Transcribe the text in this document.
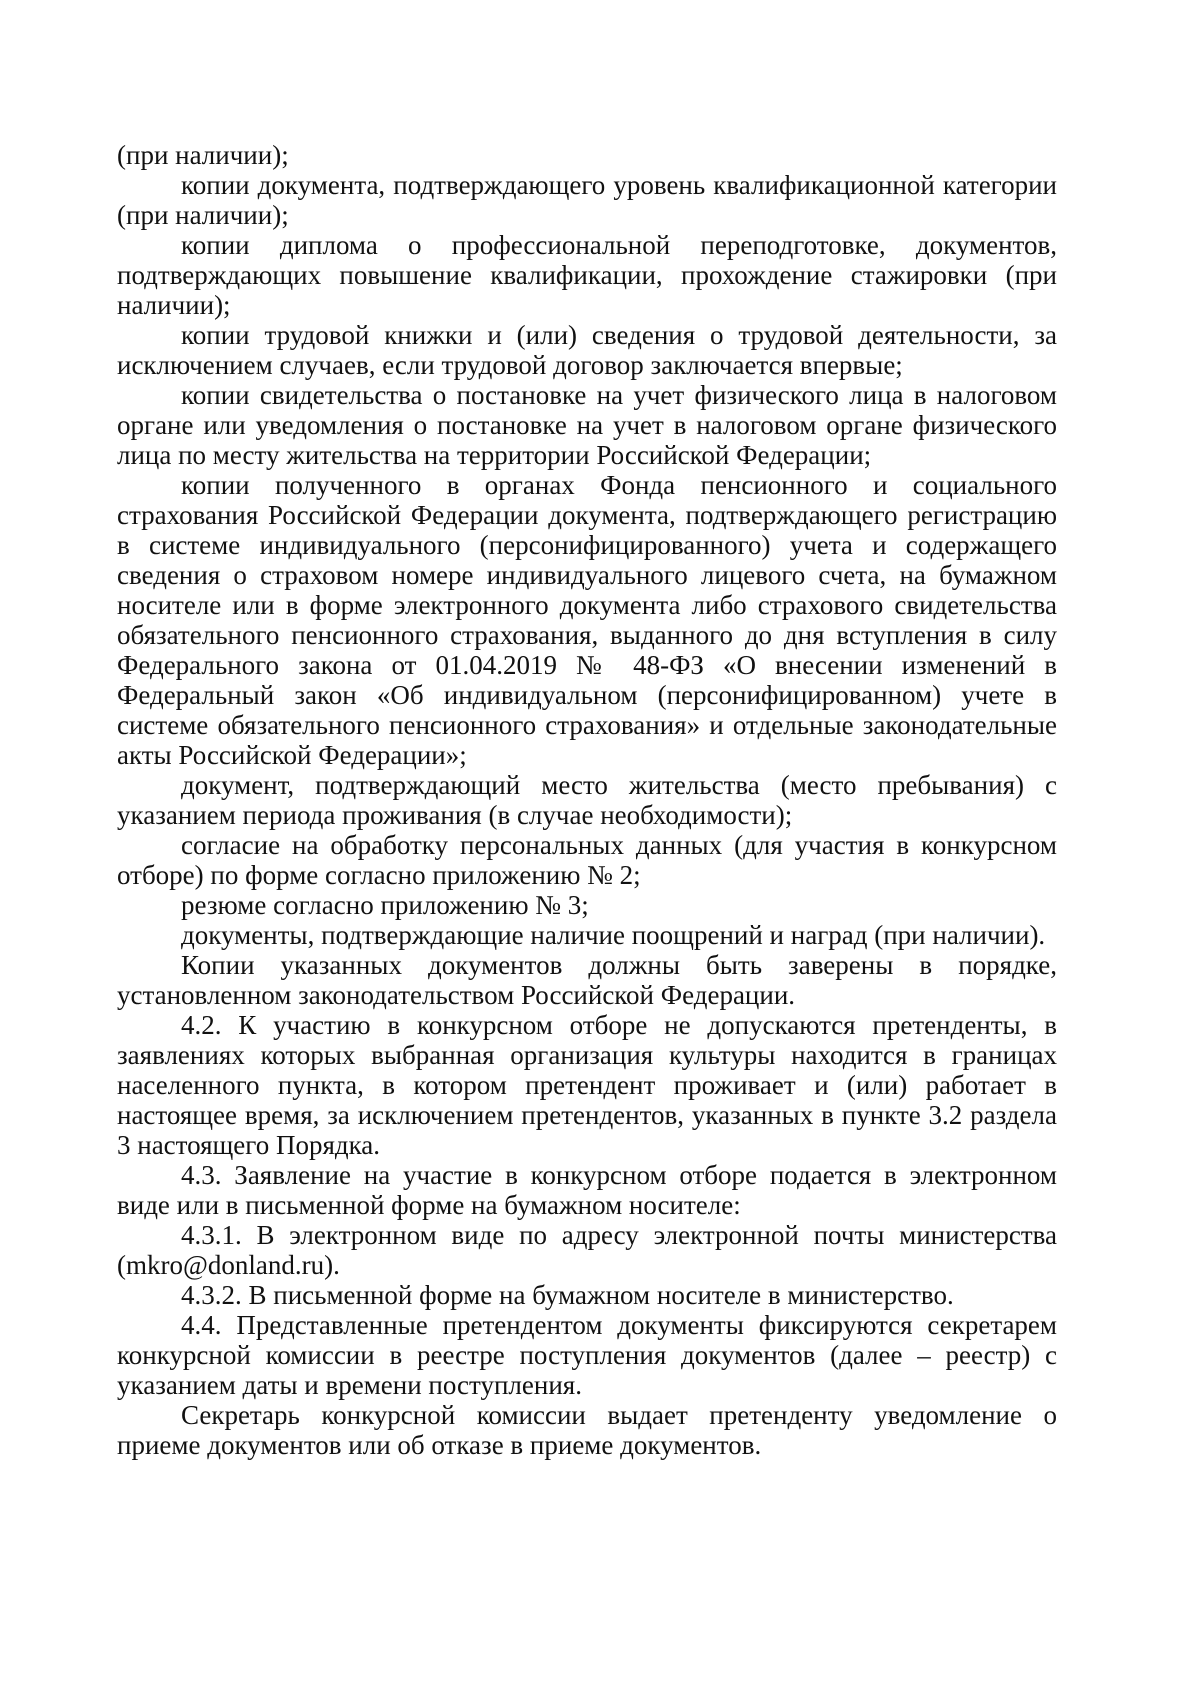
(при наличии);

копии документа, подтверждающего уровень квалификационной категории (при наличии);

копии диплома о профессиональной переподготовке, документов, подтверждающих повышение квалификации, прохождение стажировки (при наличии);

копии трудовой книжки и (или) сведения о трудовой деятельности, за исключением случаев, если трудовой договор заключается впервые;

копии свидетельства о постановке на учет физического лица в налоговом органе или уведомления о постановке на учет в налоговом органе физического лица по месту жительства на территории Российской Федерации;

копии полученного в органах Фонда пенсионного и социального страхования Российской Федерации документа, подтверждающего регистрацию в системе индивидуального (персонифицированного) учета и содержащего сведения о страховом номере индивидуального лицевого счета, на бумажном носителе или в форме электронного документа либо страхового свидетельства обязательного пенсионного страхования, выданного до дня вступления в силу Федерального закона от 01.04.2019 № 48-ФЗ «О внесении изменений в Федеральный закон «Об индивидуальном (персонифицированном) учете в системе обязательного пенсионного страхования» и отдельные законодательные акты Российской Федерации»;

документ, подтверждающий место жительства (место пребывания) с указанием периода проживания (в случае необходимости);

согласие на обработку персональных данных (для участия в конкурсном отборе) по форме согласно приложению № 2;

резюме согласно приложению № 3;

документы, подтверждающие наличие поощрений и наград (при наличии).

Копии указанных документов должны быть заверены в порядке, установленном законодательством Российской Федерации.

4.2. К участию в конкурсном отборе не допускаются претенденты, в заявлениях которых выбранная организация культуры находится в границах населенного пункта, в котором претендент проживает и (или) работает в настоящее время, за исключением претендентов, указанных в пункте 3.2 раздела 3 настоящего Порядка.

4.3. Заявление на участие в конкурсном отборе подается в электронном виде или в письменной форме на бумажном носителе:

4.3.1. В электронном виде по адресу электронной почты министерства (mkro@donland.ru).

4.3.2. В письменной форме на бумажном носителе в министерство.

4.4. Представленные претендентом документы фиксируются секретарем конкурсной комиссии в реестре поступления документов (далее – реестр) с указанием даты и времени поступления.

Секретарь конкурсной комиссии выдает претенденту уведомление о приеме документов или об отказе в приеме документов.
